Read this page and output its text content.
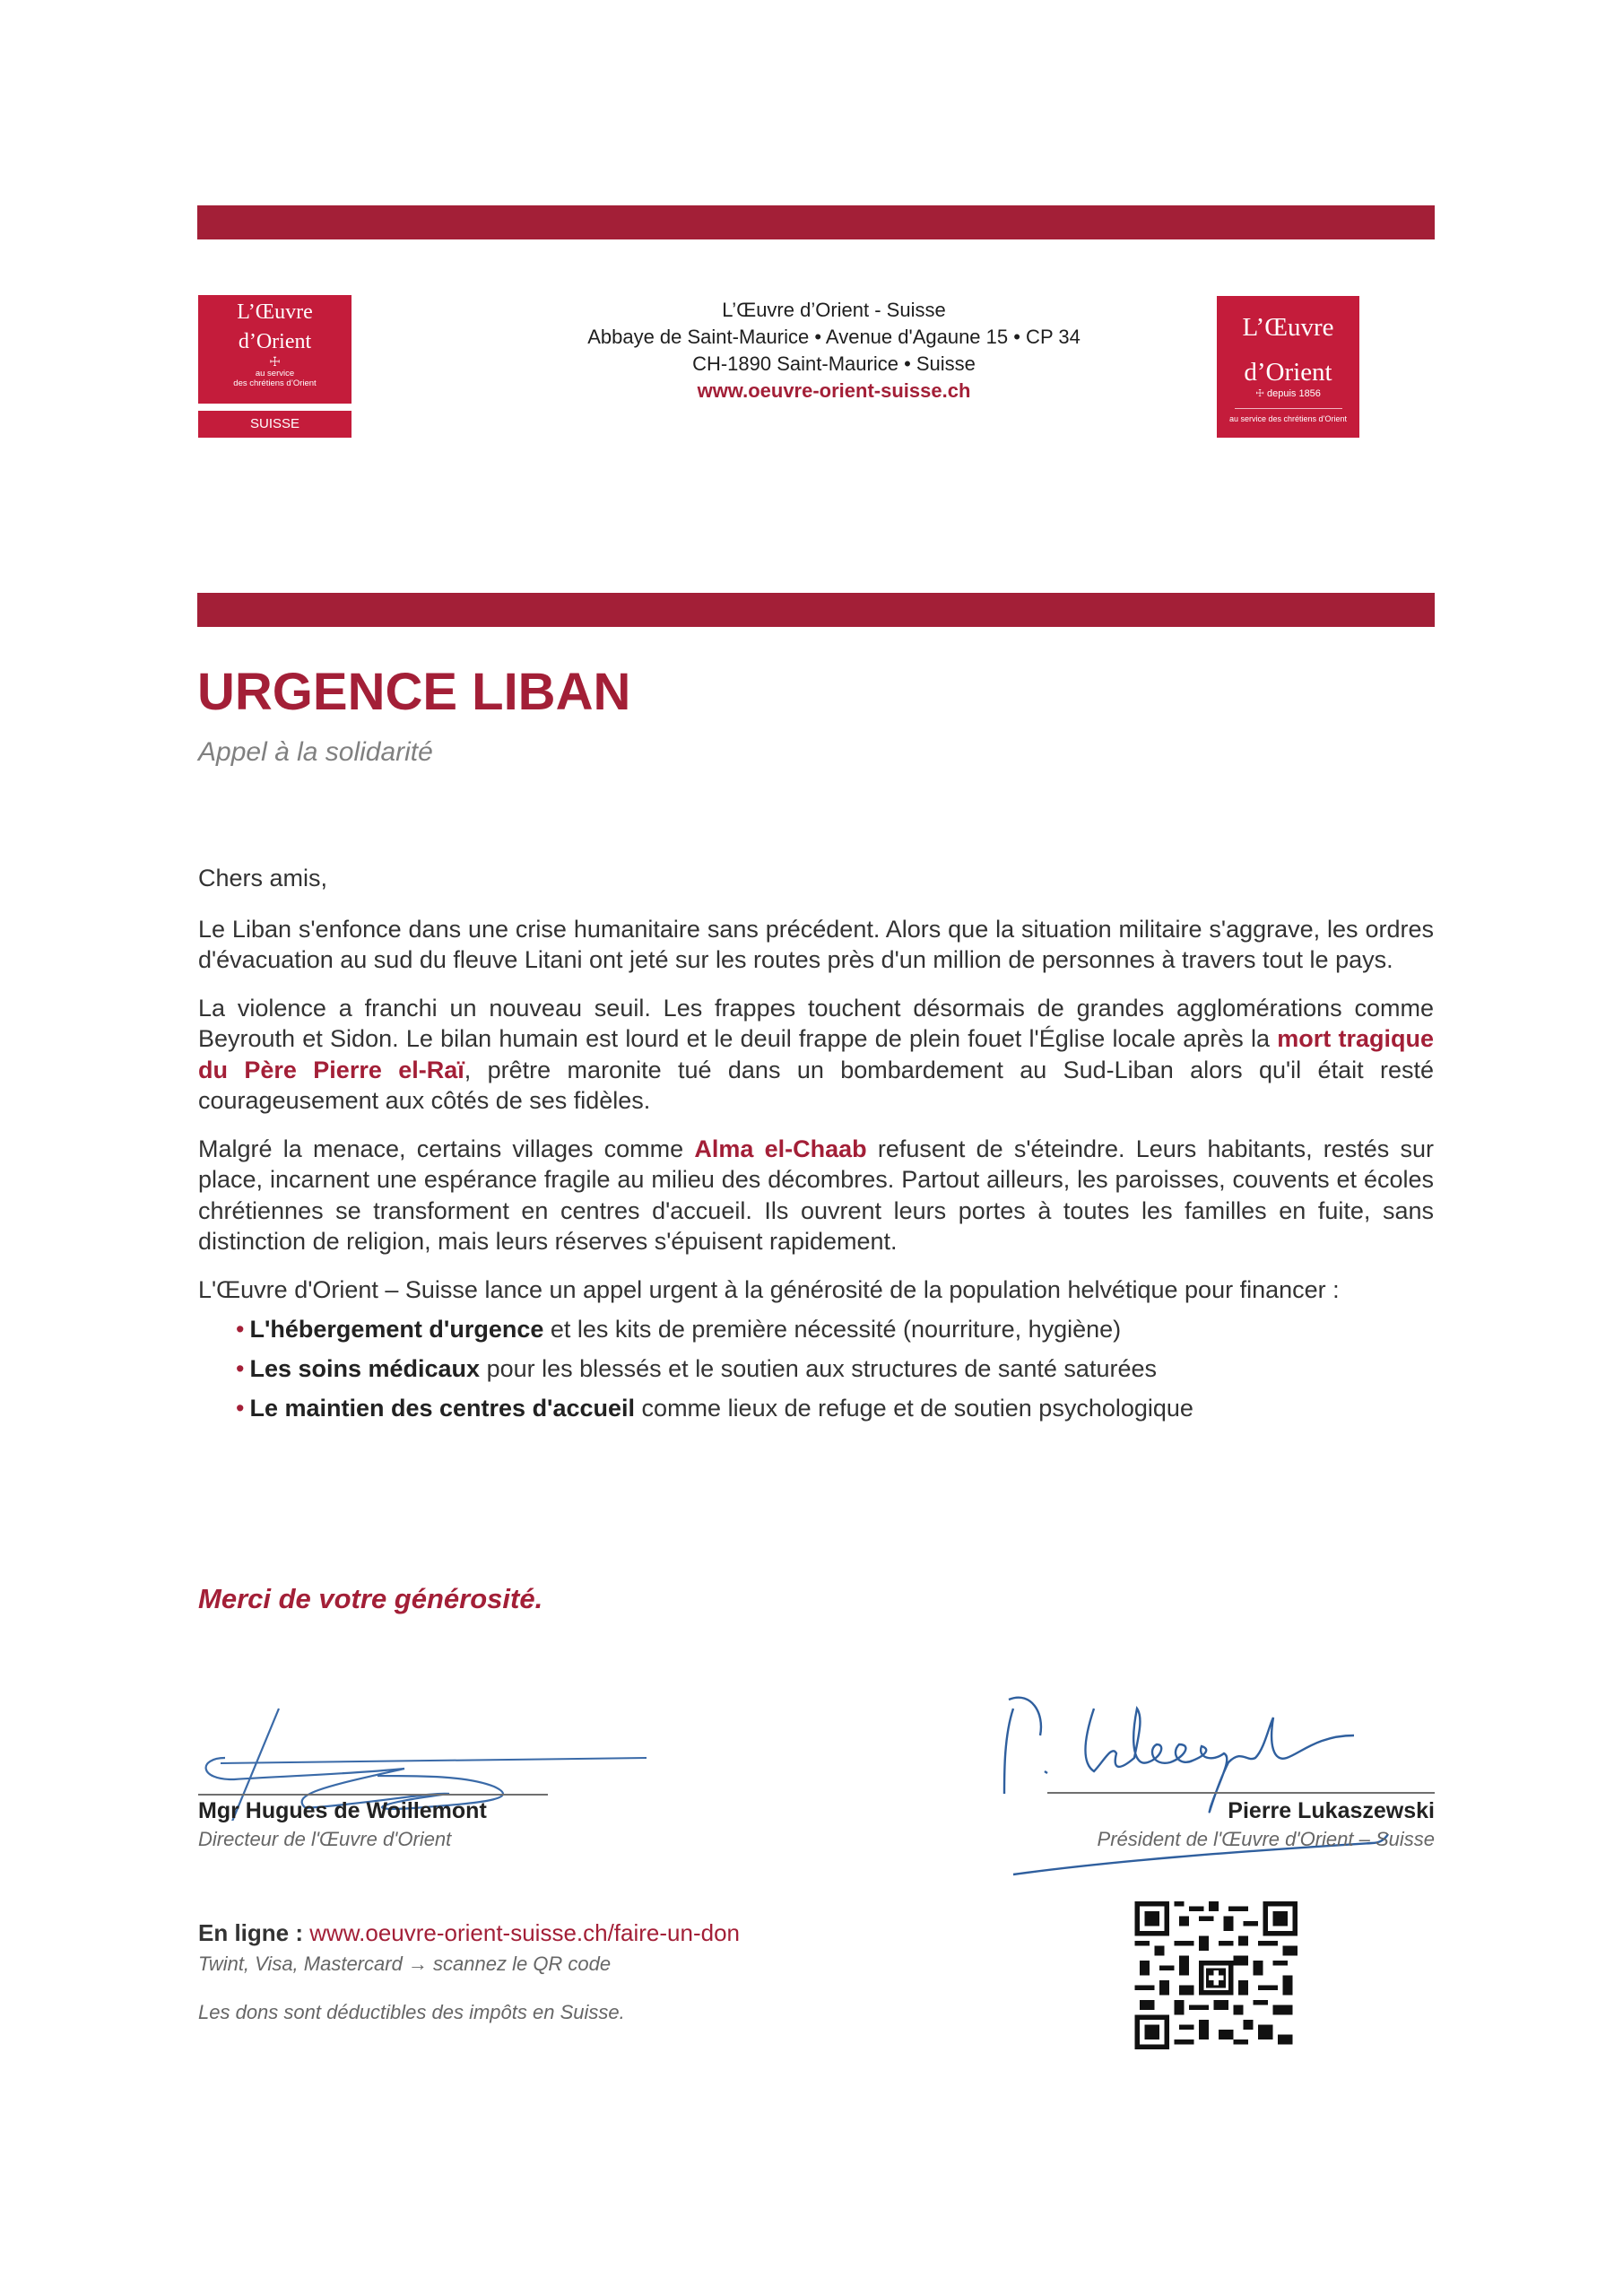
L’Œuvre
d’Orient
☩
au service
des chrétiens d’Orient
SUISSE
L’Œuvre d’Orient - Suisse
Abbaye de Saint-Maurice • Avenue d'Agaune 15 • CP 34
CH-1890 Saint-Maurice • Suisse
www.oeuvre-orient-suisse.ch
L’Œuvre
d’Orient
☩ depuis 1856
au service des chrétiens d’Orient
URGENCE LIBAN
Appel à la solidarité

Chers amis,

Le Liban s'enfonce dans une crise humanitaire sans précédent. Alors que la situation militaire s'aggrave, les ordres d'évacuation au sud du fleuve Litani ont jeté sur les routes près d'un million de personnes à travers tout le pays.

La violence a franchi un nouveau seuil. Les frappes touchent désormais de grandes agglomérations comme Beyrouth et Sidon. Le bilan humain est lourd et le deuil frappe de plein fouet l'Église locale après la mort tragique du Père Pierre el-Raï, prêtre maronite tué dans un bombardement au Sud-Liban alors qu'il était resté courageusement aux côtés de ses fidèles.

Malgré la menace, certains villages comme Alma el-Chaab refusent de s'éteindre. Leurs habitants, restés sur place, incarnent une espérance fragile au milieu des décombres. Partout ailleurs, les paroisses, couvents et écoles chrétiennes se transforment en centres d'accueil. Ils ouvrent leurs portes à toutes les familles en fuite, sans distinction de religion, mais leurs réserves s'épuisent rapidement.

L'Œuvre d'Orient – Suisse lance un appel urgent à la générosité de la population helvétique pour financer :

• L'hébergement d'urgence et les kits de première nécessité (nourriture, hygiène)
• Les soins médicaux pour les blessés et le soutien aux structures de santé saturées
• Le maintien des centres d'accueil comme lieux de refuge et de soutien psychologique
Merci de votre générosité.
Mgr Hugues de Woillemont
Directeur de l'Œuvre d'Orient
Pierre Lukaszewski
Président de l'Œuvre d'Orient – Suisse
En ligne : www.oeuvre-orient-suisse.ch/faire-un-don
Twint, Visa, Mastercard → scannez le QR code
Les dons sont déductibles des impôts en Suisse.
